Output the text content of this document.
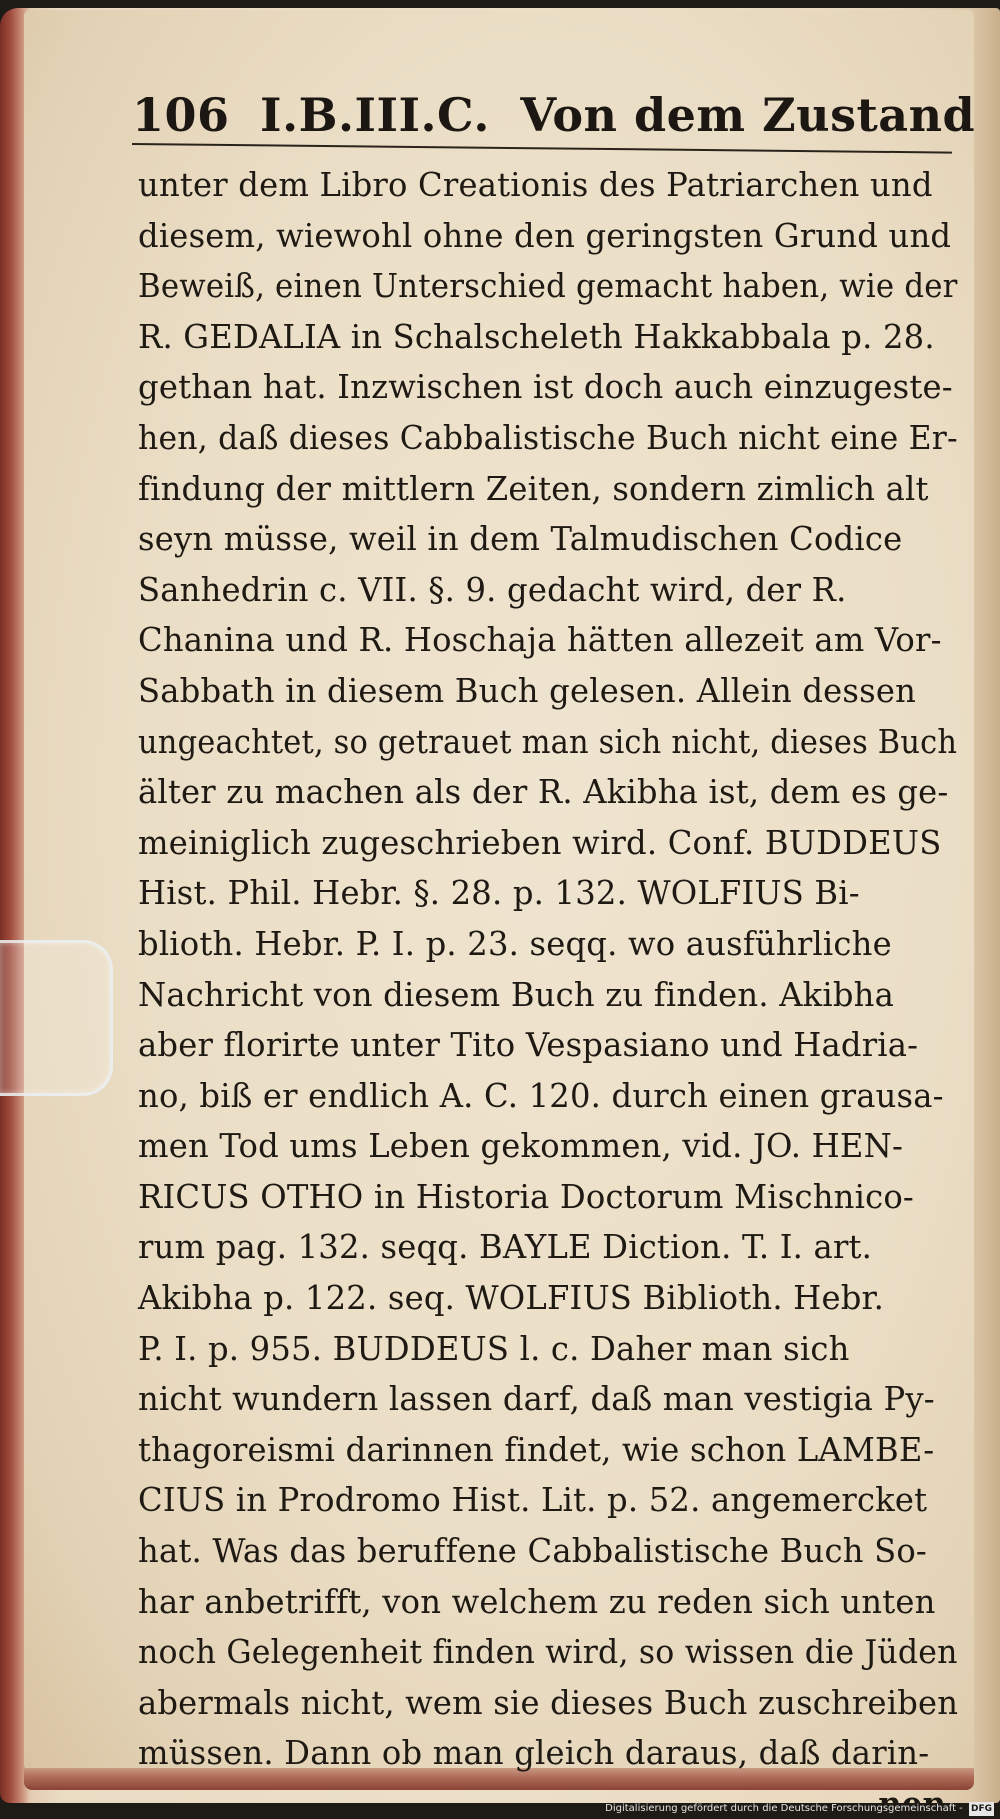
106 I.B.III.C. Von dem Zustand
unter dem Libro Creationis des Patriarchen und
diesem, wiewohl ohne den geringsten Grund und
Beweiß, einen Unterschied gemacht haben, wie der
R. GEDALIA in Schalscheleth Hakkabbala p. 28.
gethan hat. Inzwischen ist doch auch einzugeste-
hen, daß dieses Cabbalistische Buch nicht eine Er-
findung der mittlern Zeiten, sondern zimlich alt
seyn müsse, weil in dem Talmudischen Codice
Sanhedrin c. VII. §. 9. gedacht wird, der R.
Chanina und R. Hoschaja hätten allezeit am Vor-
Sabbath in diesem Buch gelesen. Allein dessen
ungeachtet, so getrauet man sich nicht, dieses Buch
älter zu machen als der R. Akibha ist, dem es ge-
meiniglich zugeschrieben wird. Conf. BUDDEUS
Hist. Phil. Hebr. §. 28. p. 132. WOLFIUS Bi-
blioth. Hebr. P. I. p. 23. seqq. wo ausführliche
Nachricht von diesem Buch zu finden. Akibha
aber florirte unter Tito Vespasiano und Hadria-
no, biß er endlich A. C. 120. durch einen grausa-
men Tod ums Leben gekommen, vid. JO. HEN-
RICUS OTHO in Historia Doctorum Mischnico-
rum pag. 132. seqq. BAYLE Diction. T. I. art.
Akibha p. 122. seq. WOLFIUS Biblioth. Hebr.
P. I. p. 955. BUDDEUS l. c. Daher man sich
nicht wundern lassen darf, daß man vestigia Py-
thagoreismi darinnen findet, wie schon LAMBE-
CIUS in Prodromo Hist. Lit. p. 52. angemercket
hat. Was das beruffene Cabbalistische Buch So-
har anbetrifft, von welchem zu reden sich unten
noch Gelegenheit finden wird, so wissen die Jüden
abermals nicht, wem sie dieses Buch zuschreiben
müssen. Dann ob man gleich daraus, daß darin-
nen
Digitalisierung gefördert durch die Deutsche Forschungsgemeinschaft - DFG
